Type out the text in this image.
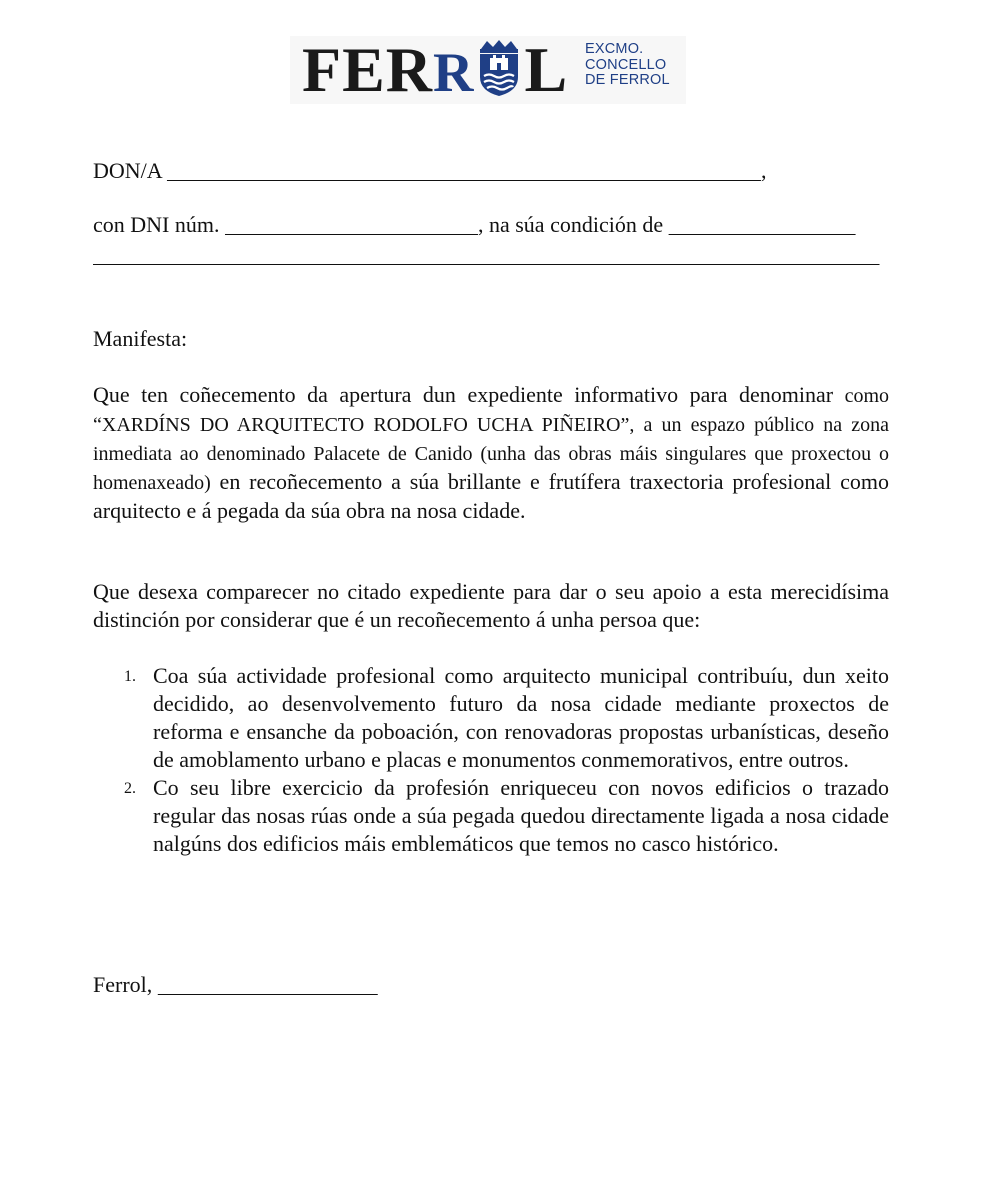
FERR L EXCMO.
CONCELLO
DE FERROL
DON/A	,
con DNI núm.	, na súa condición de

Manifesta:
Que ten coñecemento da apertura dun expediente informativo para denominar como “XARDÍNS DO ARQUITECTO RODOLFO UCHA PIÑEIRO”, a un espazo público na zona inmediata ao denominado Palacete de Canido (unha das obras máis singulares que proxectou o homenaxeado) en recoñecemento a súa brillante e frutífera traxectoria profesional como arquitecto e á pegada da súa obra na nosa cidade.
Que desexa comparecer no citado expediente para dar o seu apoio a esta merecidísima distinción por considerar que é un recoñecemento á unha persoa que:
1. Coa súa actividade profesional como arquitecto municipal contribuíu, dun xeito decidido, ao desenvolvemento futuro da nosa cidade mediante proxectos de reforma e ensanche da poboación, con renovadoras propostas urbanísticas, deseño de amoblamento urbano e placas e monumentos conmemorativos, entre outros.
2. Co seu libre exercicio da profesión enriqueceu con novos edificios o trazado regular das nosas rúas onde a súa pegada quedou directamente ligada a nosa cidade nalgúns dos edificios máis emblemáticos que temos no casco histórico.
Ferrol,
